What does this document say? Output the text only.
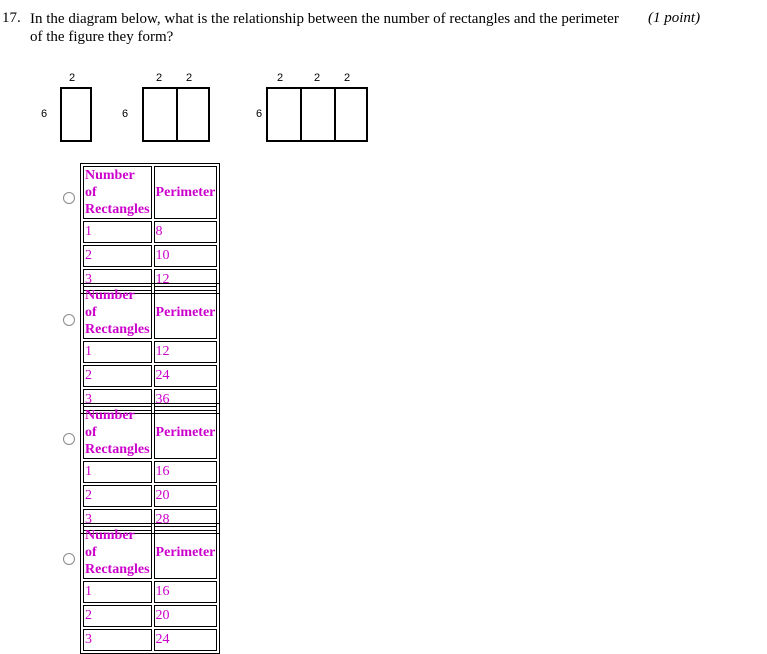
17. In the diagram below, what is the relationship between the number of rectangles and the perimeter of the figure they form?
(1 point)
2
6
2 2
6
2	2 2
6
Number of Rectangles	Perimeter
1	8
2	10
3	12
Number of Rectangles	Perimeter
1	12
2	24
3	36
Number of Rectangles	Perimeter
1	16
2	20
3	28
Number of Rectangles	Perimeter
1	16
2	20
3	24
